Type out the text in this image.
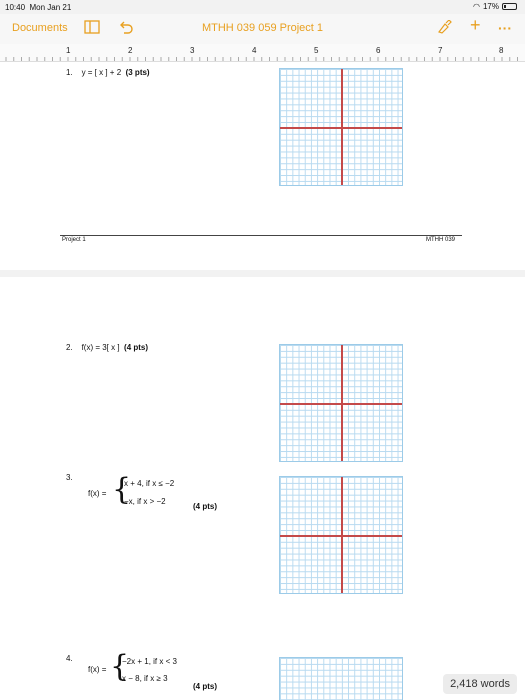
10:40 Mon Jan 21	◠ 17%
Documents	MTHH 039 059 Project 1	+ ···
1	2	3	4	5	6	7	8
1. y = [ x ] + 2 (3 pts)
Project 1	MTHH 039
2. f(x) = 3[ x ] (4 pts)
3.
f(x) = {
x + 4, if x ≤ −2
−x, if x > −2
(4 pts)
4.
f(x) = {
−2x + 1, if x < 3
x − 8, if x ≥ 3
(4 pts)	2,418 words
